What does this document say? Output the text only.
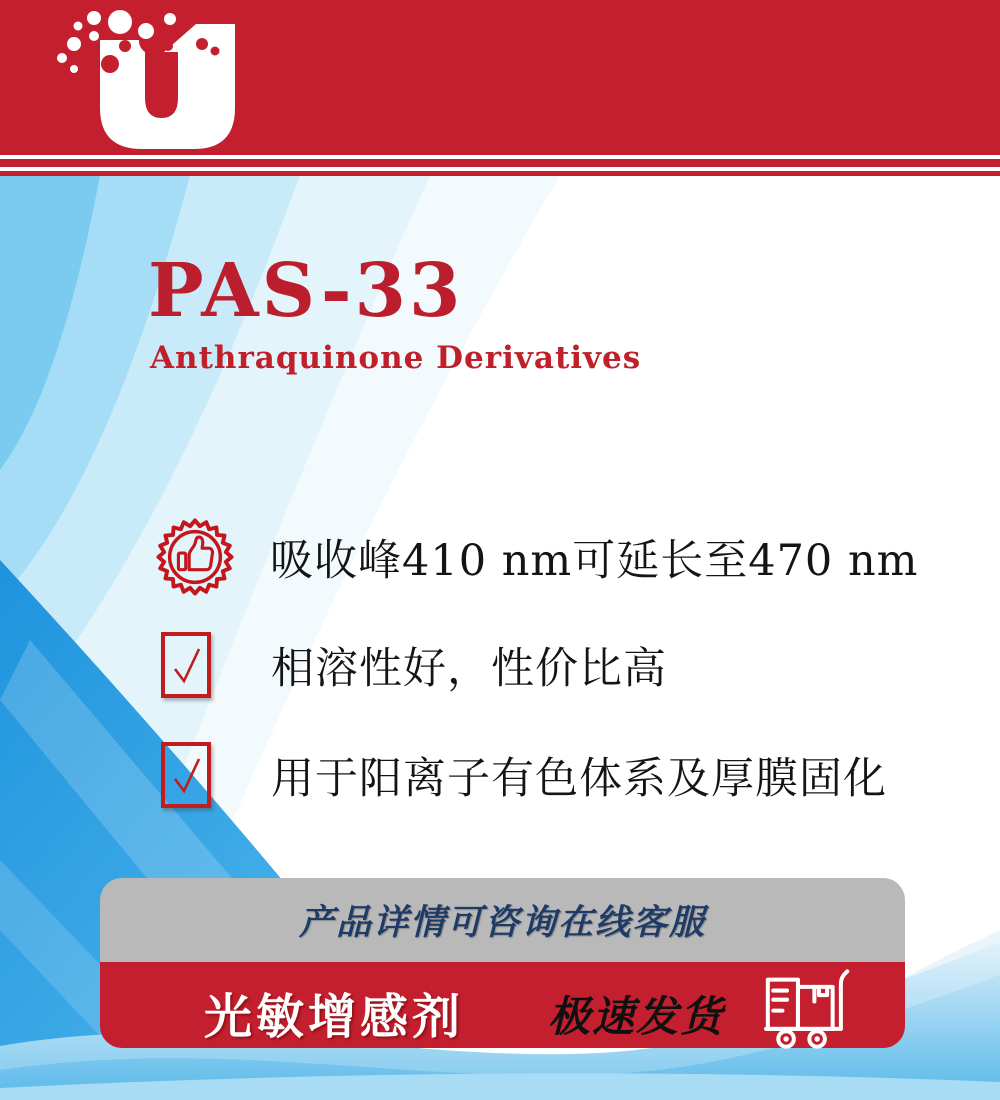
PAS-33
Anthraquinone Derivatives
吸收峰410 nm可延长至470 nm
相溶性好，性价比高
用于阳离子有色体系及厚膜固化
产品详情可咨询在线客服
光敏增感剂 极速发货
